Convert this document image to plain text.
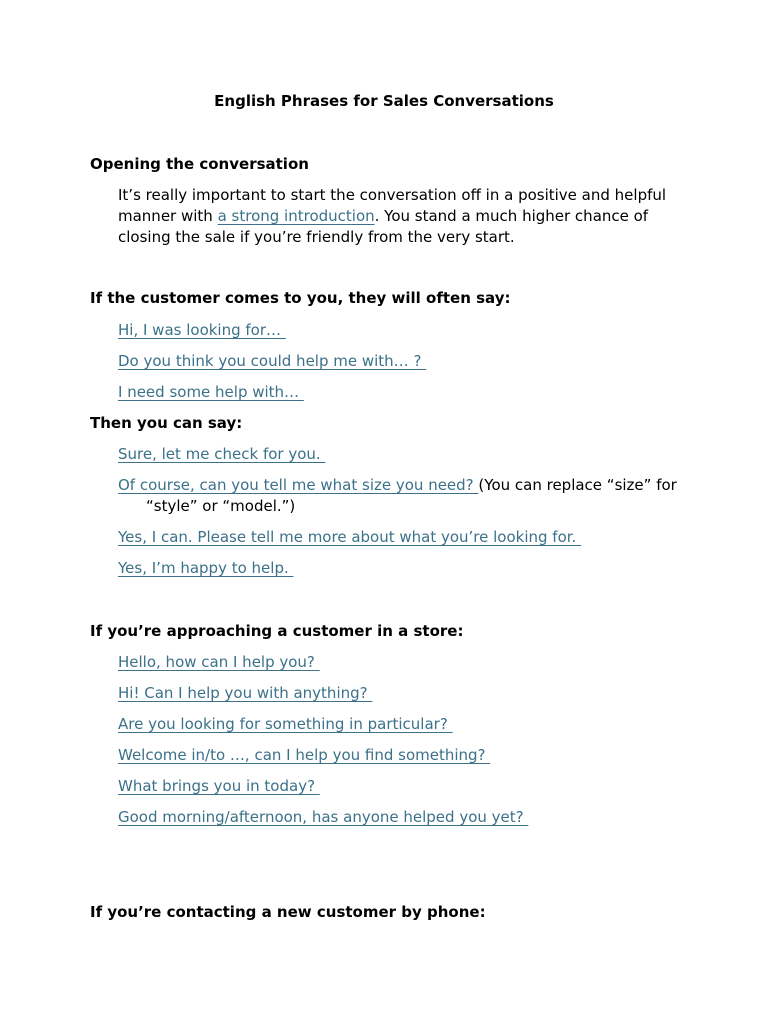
English Phrases for Sales Conversations
Opening the conversation
It’s really important to start the conversation off in a positive and helpful manner with a strong introduction. You stand a much higher chance of closing the sale if you’re friendly from the very start.
If the customer comes to you, they will often say:
Hi, I was looking for…
Do you think you could help me with… ?
I need some help with…
Then you can say:
Sure, let me check for you.
Of course, can you tell me what size you need? (You can replace “size” for “style” or “model.”)
Yes, I can. Please tell me more about what you’re looking for.
Yes, I’m happy to help.
If you’re approaching a customer in a store:
Hello, how can I help you?
Hi! Can I help you with anything?
Are you looking for something in particular?
Welcome in/to …, can I help you find something?
What brings you in today?
Good morning/afternoon, has anyone helped you yet?
If you’re contacting a new customer by phone:
